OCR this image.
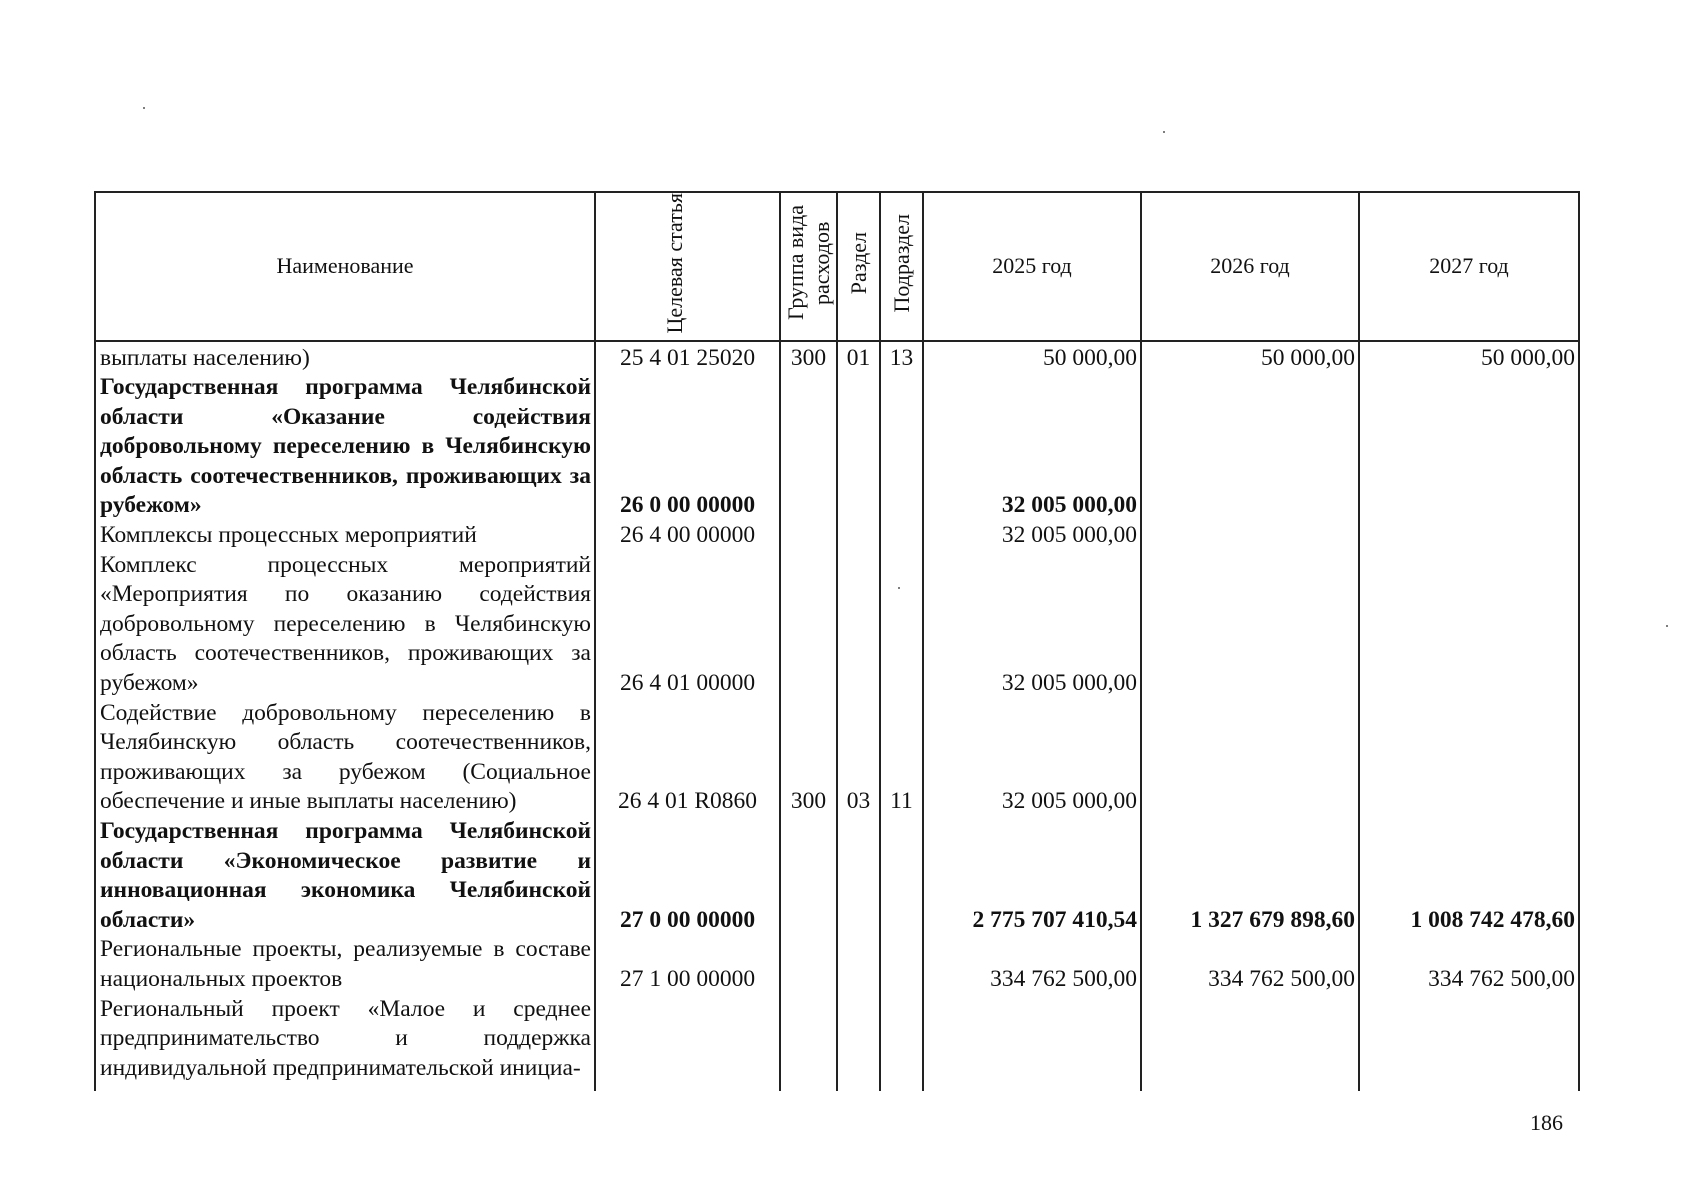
Наименование	Целевая статья	Группа вида расходов	Раздел	Подраздел	2025 год	2026 год	2027 год
выплаты населению)	25 4 01 25020	300	01	13	50 000,00	50 000,00	50 000,00
Государственная программа Челябинской области «Оказание содействия добровольному переселению в Челябинскую область соотечественников, проживающих за рубежом»	26 0 00 00000				32 005 000,00		
Комплексы процессных мероприятий	26 4 00 00000				32 005 000,00		
Комплекс процессных мероприятий «Мероприятия по оказанию содействия добровольному переселению в Челябинскую область соотечественников, проживающих за рубежом»	26 4 01 00000				32 005 000,00		
Содействие добровольному переселению в Челябинскую область соотечественников, проживающих за рубежом (Социальное обеспечение и иные выплаты населению)	26 4 01 R0860	300	03	11	32 005 000,00		
Государственная программа Челябинской области «Экономическое развитие и инновационная экономика Челябинской области»	27 0 00 00000				2 775 707 410,54	1 327 679 898,60	1 008 742 478,60
Региональные проекты, реализуемые в составе национальных проектов	27 1 00 00000				334 762 500,00	334 762 500,00	334 762 500,00
Региональный проект «Малое и среднее предпринимательство и поддержка индивидуальной предпринимательской инициа-							

186
